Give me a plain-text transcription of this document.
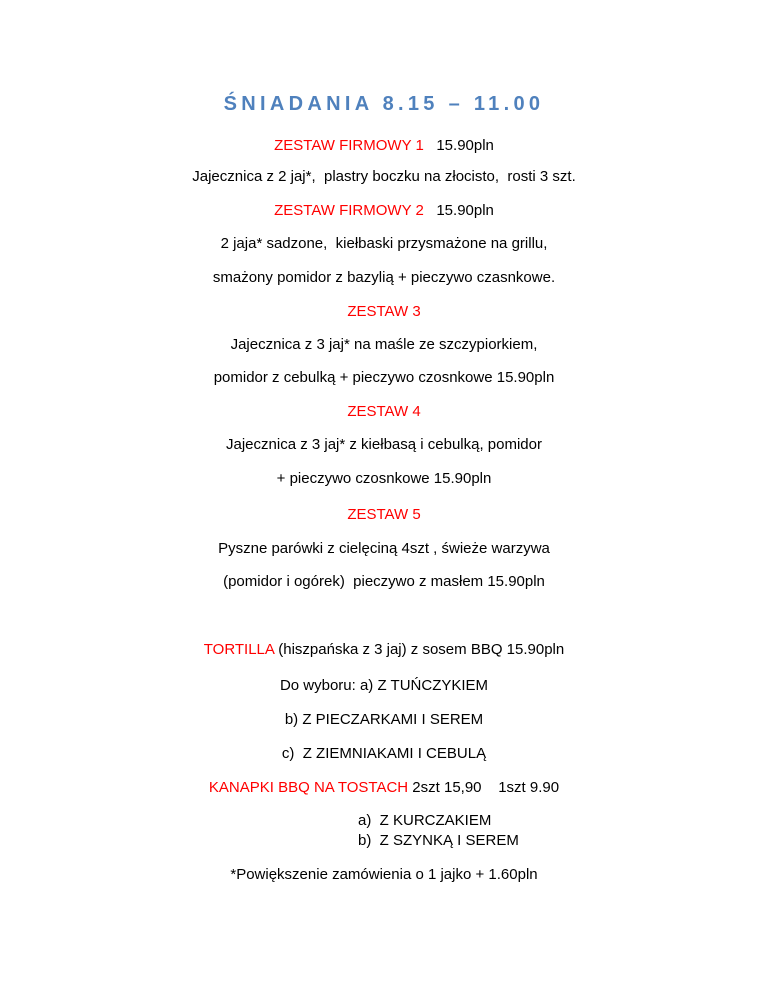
ŚNIADANIA 8.15 – 11.00
ZESTAW FIRMOWY 1 15.90pln
Jajecznica z 2 jaj*,  plastry boczku na złocisto,  rosti 3 szt.
ZESTAW FIRMOWY 2 15.90pln
2 jaja* sadzone,  kiełbaski przysmażone na grillu,
smażony pomidor z bazylią + pieczywo czasnkowe.
ZESTAW 3
Jajecznica z 3 jaj* na maśle ze szczypiorkiem,
pomidor z cebulką + pieczywo czosnkowe 15.90pln
ZESTAW 4
Jajecznica z 3 jaj* z kiełbasą i cebulką, pomidor
+ pieczywo czosnkowe 15.90pln
ZESTAW 5
Pyszne parówki z cielęciną 4szt , świeże warzywa
(pomidor i ogórek)  pieczywo z masłem 15.90pln
TORTILLA (hiszpańska z 3 jaj) z sosem BBQ 15.90pln
Do wyboru: a) Z TUŃCZYKIEM
b) Z PIECZARKAMI I SEREM
c)  Z ZIEMNIAKAMI I CEBULĄ
KANAPKI BBQ NA TOSTACH 2szt 15,90    1szt 9.90
a)  Z KURCZAKIEM
b)  Z SZYNKĄ I SEREM
*Powiększenie zamówienia o 1 jajko + 1.60pln
